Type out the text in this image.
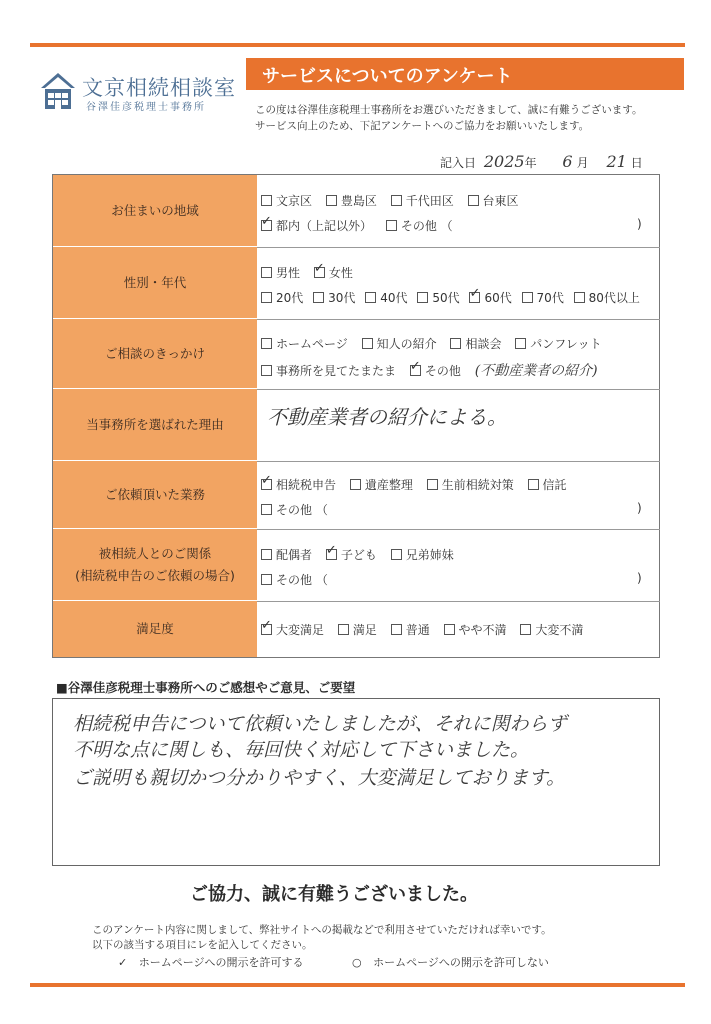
文京相続相談室
谷澤佳彦税理士事務所
サービスについてのアンケート
この度は谷澤佳彦税理士事務所をお選びいただきまして、誠に有難うございます。
サービス向上のため、下記アンケートへのご協力をお願いいたします。
記入日 2025年 6 月 21 日
お住まいの地域
文京区 豊島区 千代田区 台東区
✓都内（上記以外） その他 （	)
性別・年代
男性 ✓ 女性
20代 30代 40代 50代 ✓ 60代 70代 80代以上
ご相談のきっかけ
ホームページ 知人の紹介 相談会 パンフレット
事務所を見てたまたま ✓ その他 (不動産業者の紹介)
当事務所を選ばれた理由 不動産業者の紹介による。
ご依頼頂いた業務
✓相続税申告 遺産整理 生前相続対策 信託
その他 （	)
被相続人とのご関係
(相続税申告のご依頼の場合)
配偶者 ✓ 子ども 兄弟姉妹
その他 （	)
満足度 ✓	大変満足 満足 普通 やや不満 大変不満
■谷澤佳彦税理士事務所へのご感想やご意見、ご要望
相続税申告について依頼いたしましたが、それに関わらず
不明な点に関しも、毎回快く対応して下さいました。
ご説明も親切かつ分かりやすく、大変満足しております。
ご協力、誠に有難うございました。
このアンケート内容に関しまして、弊社サイトへの掲載などで利用させていただければ幸いです。
以下の該当する項目にレを記入してください。
✓ ホームページへの開示を許可する	○ ホームページへの開示を許可しない
